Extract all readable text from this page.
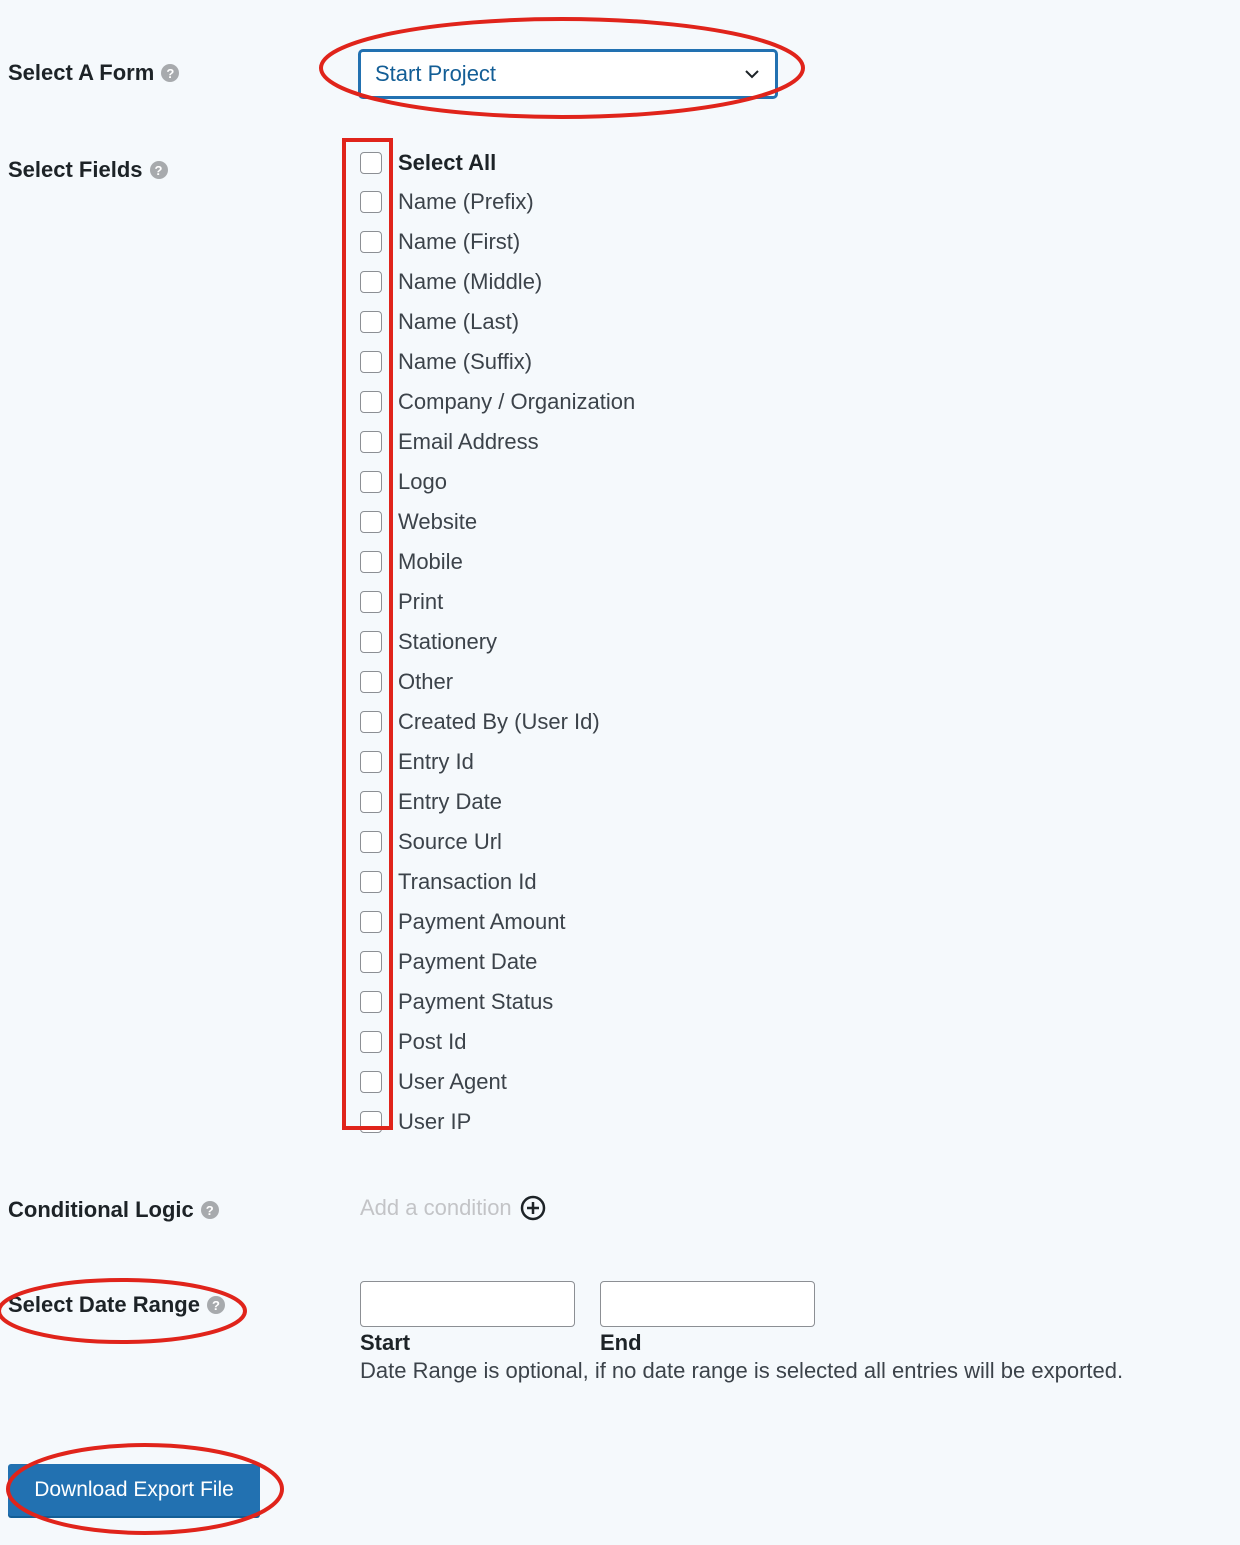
Select A Form ?	Start Project
Select Fields ?	Select All
Name (Prefix)
Name (First)
Name (Middle)
Name (Last)
Name (Suffix)
Company / Organization
Email Address
Logo
Website
Mobile
Print
Stationery
Other
Created By (User Id)
Entry Id
Entry Date
Source Url
Transaction Id
Payment Amount
Payment Date
Payment Status
Post Id
User Agent
User IP
Conditional Logic ?	Add a condition
Select Date Range ?
Start	End
Date Range is optional, if no date range is selected all entries will be exported.
Download Export File
